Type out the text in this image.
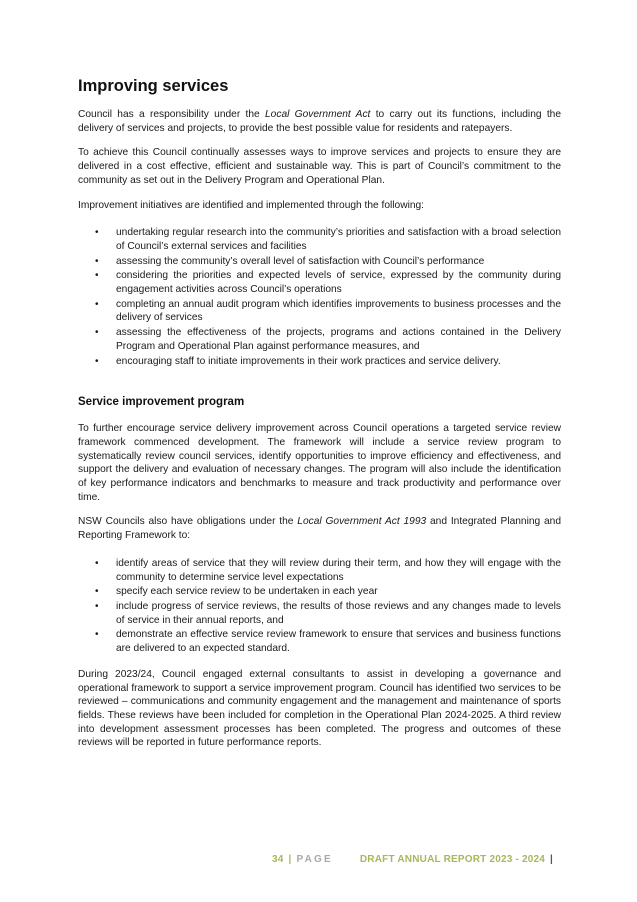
Improving services

Council has a responsibility under the Local Government Act to carry out its functions, including the delivery of services and projects, to provide the best possible value for residents and ratepayers.

To achieve this Council continually assesses ways to improve services and projects to ensure they are delivered in a cost effective, efficient and sustainable way. This is part of Council’s commitment to the community as set out in the Delivery Program and Operational Plan.

Improvement initiatives are identified and implemented through the following:

• undertaking regular research into the community’s priorities and satisfaction with a broad selection of Council’s external services and facilities
• assessing the community’s overall level of satisfaction with Council’s performance
• considering the priorities and expected levels of service, expressed by the community during engagement activities across Council’s operations
• completing an annual audit program which identifies improvements to business processes and the delivery of services
• assessing the effectiveness of the projects, programs and actions contained in the Delivery Program and Operational Plan against performance measures, and
• encouraging staff to initiate improvements in their work practices and service delivery.
Service improvement program

To further encourage service delivery improvement across Council operations a targeted service review framework commenced development. The framework will include a service review program to systematically review council services, identify opportunities to improve efficiency and effectiveness, and support the delivery and evaluation of necessary changes. The program will also include the identification of key performance indicators and benchmarks to measure and track productivity and performance over time.

NSW Councils also have obligations under the Local Government Act 1993 and Integrated Planning and Reporting Framework to:

• identify areas of service that they will review during their term, and how they will engage with the community to determine service level expectations
• specify each service review to be undertaken in each year
• include progress of service reviews, the results of those reviews and any changes made to levels of service in their annual reports, and
• demonstrate an effective service review framework to ensure that services and business functions are delivered to an expected standard.

During 2023/24, Council engaged external consultants to assist in developing a governance and operational framework to support a service improvement program. Council has identified two services to be reviewed – communications and community engagement and the management and maintenance of sports fields. These reviews have been included for completion in the Operational Plan 2024-2025. A third review into development assessment processes has been completed. The progress and outcomes of these reviews will be reported in future performance reports.

34 | PAGE	DRAFT ANNUAL REPORT 2023 - 2024 |
